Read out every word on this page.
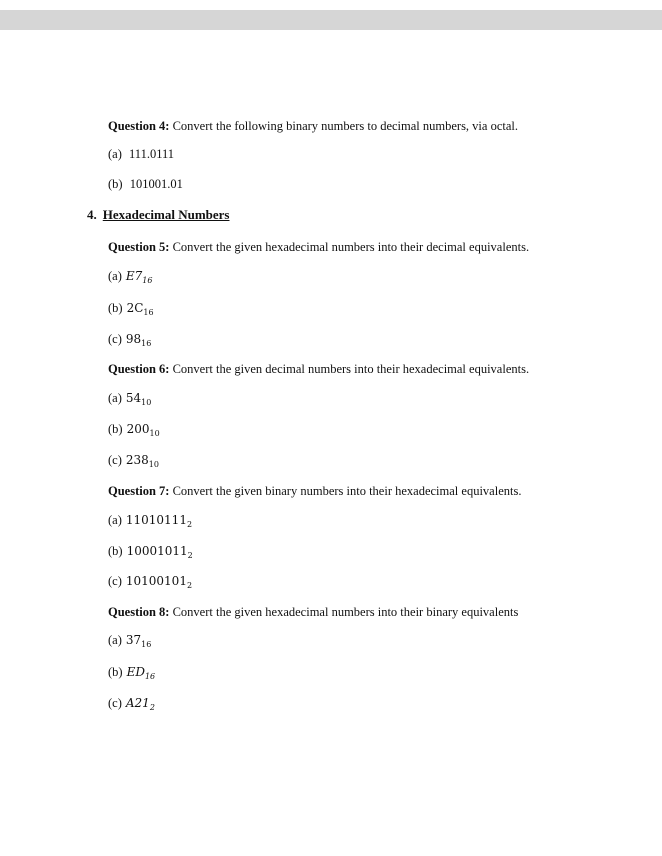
Question 4: Convert the following binary numbers to decimal numbers, via octal.
(a) 111.0111
(b) 101001.01
4. Hexadecimal Numbers
Question 5: Convert the given hexadecimal numbers into their decimal equivalents.
(a) $E7_{16}$
(b) $2C_{16}$
(c) $98_{16}$
Question 6: Convert the given decimal numbers into their hexadecimal equivalents.
(a) $54_{10}$
(b) $200_{10}$
(c) $238_{10}$
Question 7: Convert the given binary numbers into their hexadecimal equivalents.
(a) $11010111_2$
(b) $10001011_2$
(c) $10100101_2$
Question 8: Convert the given hexadecimal numbers into their binary equivalents
(a) $37_{16}$
(b) $ED_{16}$
(c) $A21_2$
